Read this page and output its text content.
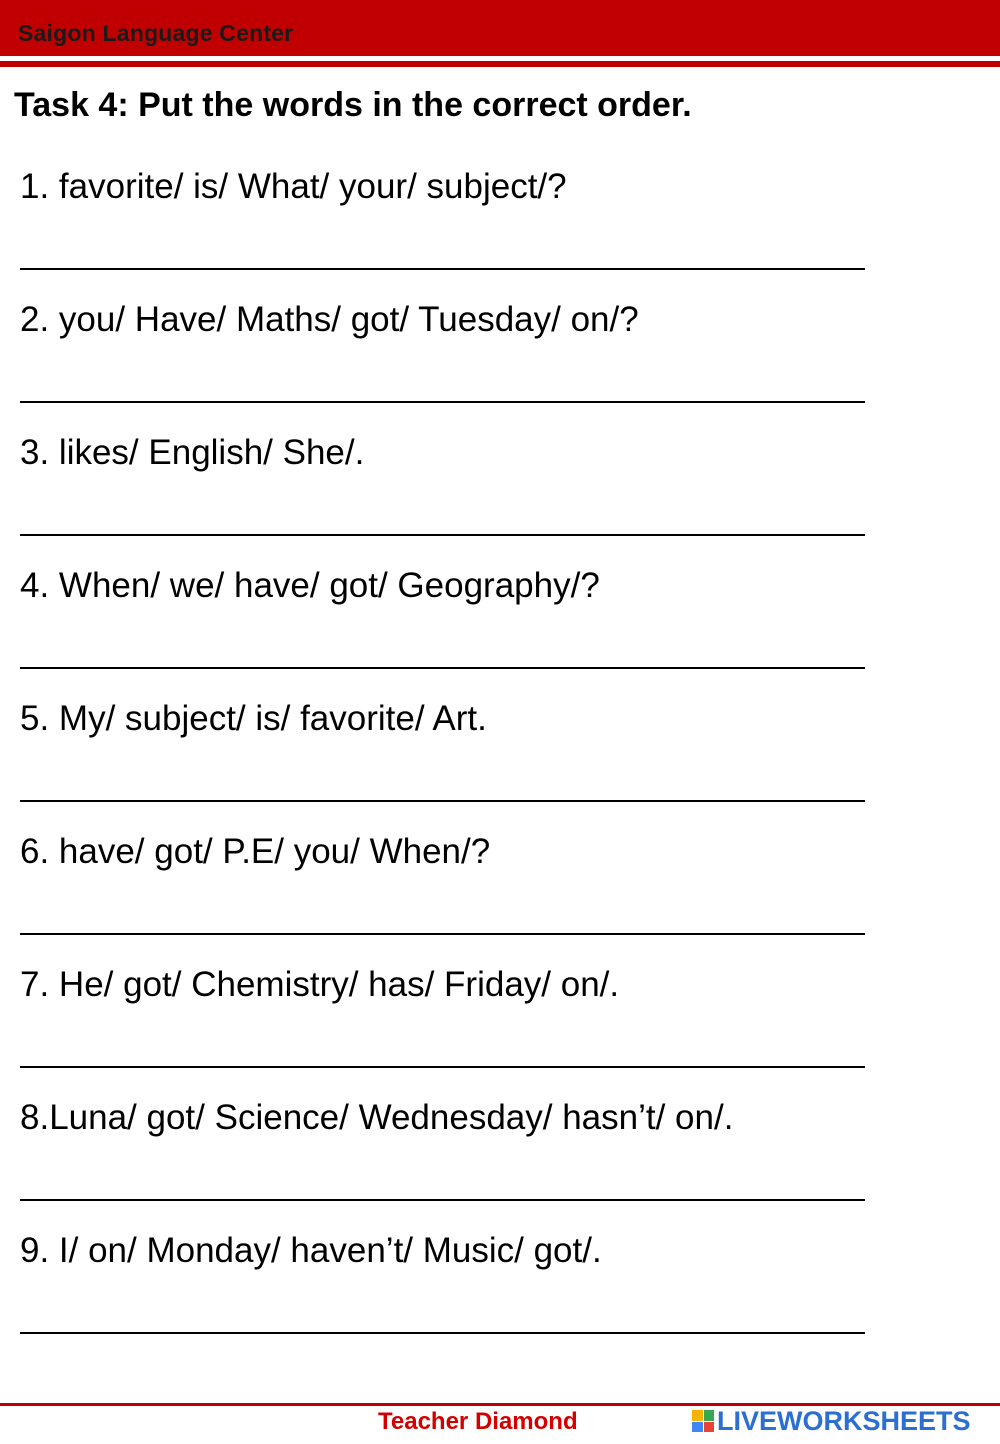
Saigon Language Center
Task 4: Put the words in the correct order.
1. favorite/ is/ What/ your/ subject/?
2. you/ Have/ Maths/ got/ Tuesday/ on/?
3. likes/ English/ She/.
4. When/ we/ have/ got/ Geography/?
5. My/ subject/ is/ favorite/ Art.
6. have/ got/ P.E/ you/ When/?
7. He/ got/ Chemistry/ has/ Friday/ on/.
8.Luna/ got/ Science/ Wednesday/ hasn’t/ on/.
9. I/ on/ Monday/ haven’t/ Music/ got/.
Teacher Diamond	LIVEWORKSHEETS
